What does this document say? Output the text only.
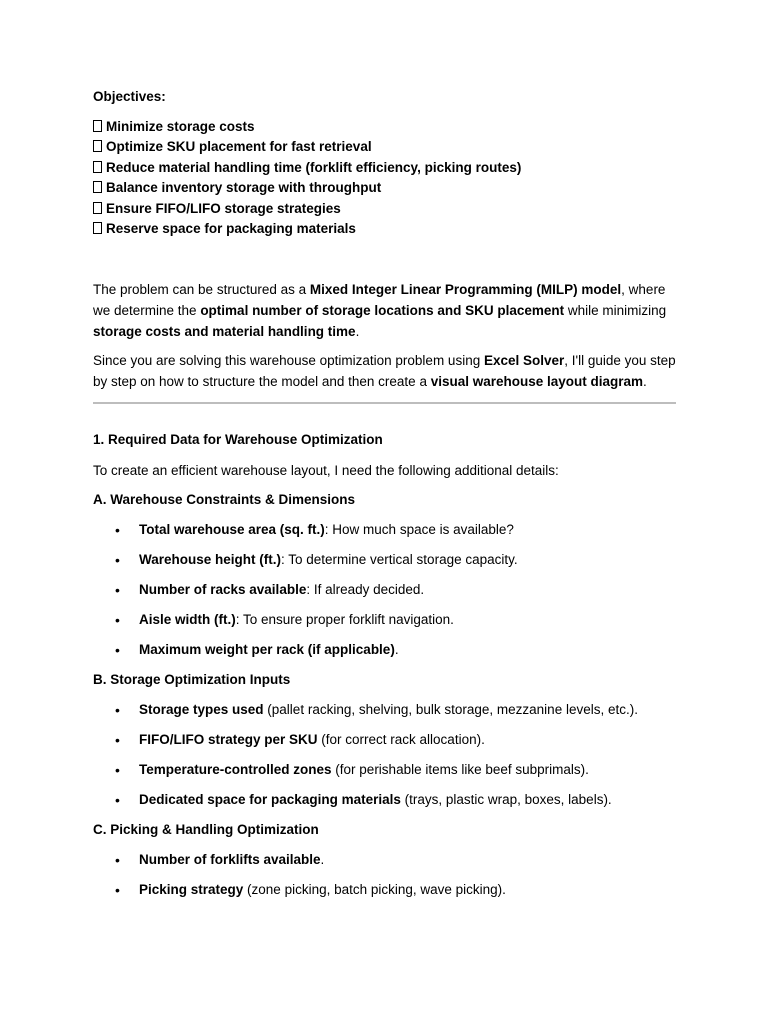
Objectives:

Minimize storage costs
Optimize SKU placement for fast retrieval
Reduce material handling time (forklift efficiency, picking routes)
Balance inventory storage with throughput
Ensure FIFO/LIFO storage strategies
Reserve space for packaging materials

The problem can be structured as a Mixed Integer Linear Programming (MILP) model, where we determine the optimal number of storage locations and SKU placement while minimizing storage costs and material handling time.

Since you are solving this warehouse optimization problem using Excel Solver, I'll guide you step by step on how to structure the model and then create a visual warehouse layout diagram.

1. Required Data for Warehouse Optimization

To create an efficient warehouse layout, I need the following additional details:

A. Warehouse Constraints & Dimensions

• Total warehouse area (sq. ft.): How much space is available?
• Warehouse height (ft.): To determine vertical storage capacity.
• Number of racks available: If already decided.
• Aisle width (ft.): To ensure proper forklift navigation.
• Maximum weight per rack (if applicable).

B. Storage Optimization Inputs

• Storage types used (pallet racking, shelving, bulk storage, mezzanine levels, etc.).
• FIFO/LIFO strategy per SKU (for correct rack allocation).
• Temperature-controlled zones (for perishable items like beef subprimals).
• Dedicated space for packaging materials (trays, plastic wrap, boxes, labels).

C. Picking & Handling Optimization

• Number of forklifts available.
• Picking strategy (zone picking, batch picking, wave picking).
